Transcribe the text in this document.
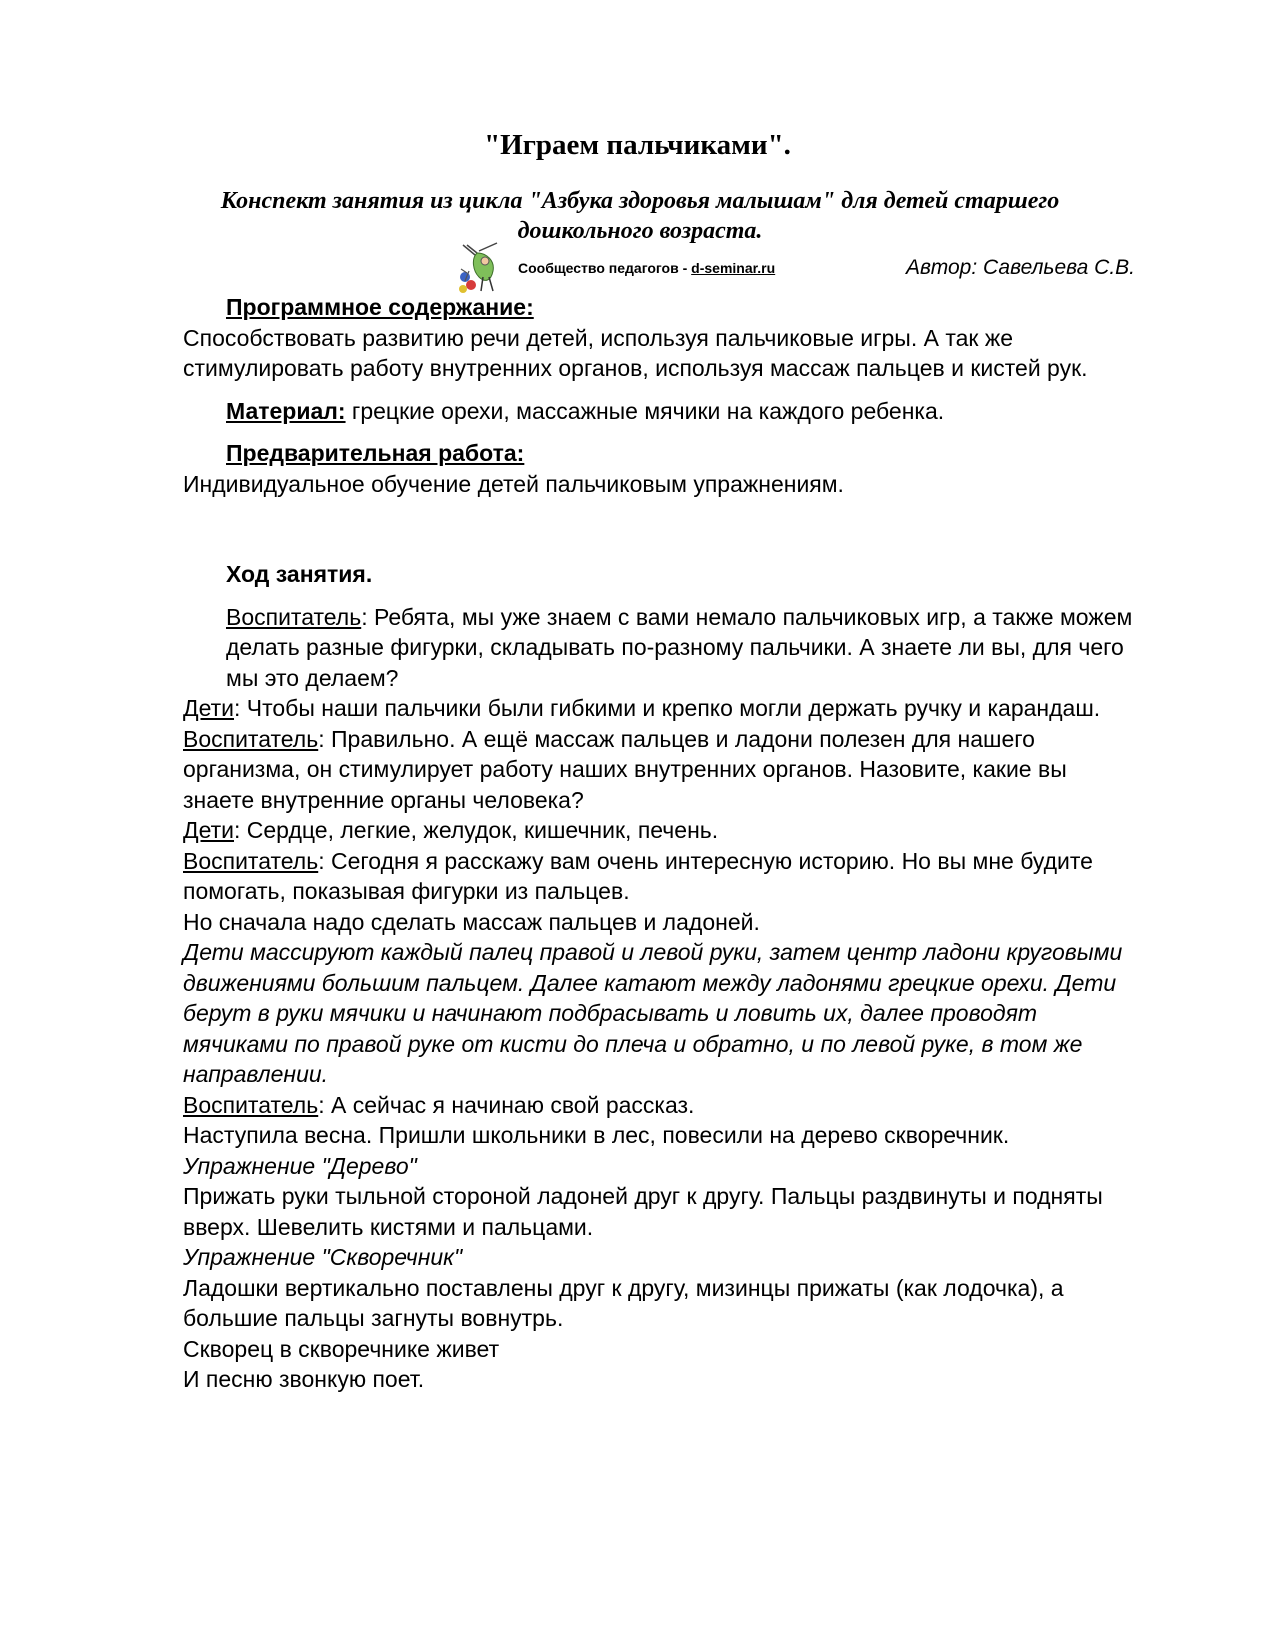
"Играем пальчиками".
Конспект занятия из цикла "Азбука здоровья малышам" для детей старшего дошкольного возраста.
Сообщество педагогов - d-seminar.ru	Автор: Савельева С.В.

Программное содержание:

Способствовать развитию речи детей, используя пальчиковые игры. А так же стимулировать работу внутренних органов, используя массаж пальцев и кистей рук.

Материал: грецкие орехи, массажные мячики на каждого ребенка.

Предварительная работа:

Индивидуальное обучение детей пальчиковым упражнениям.

Ход занятия.

Воспитатель: Ребята, мы уже знаем с вами немало пальчиковых игр, а также можем делать разные фигурки, складывать по-разному пальчики. А знаете ли вы, для чего мы это делаем?

Дети: Чтобы наши пальчики были гибкими и крепко могли держать ручку и карандаш.

Воспитатель: Правильно. А ещё массаж пальцев и ладони полезен для нашего организма, он стимулирует работу наших внутренних органов. Назовите, какие вы знаете внутренние органы человека?

Дети: Сердце, легкие, желудок, кишечник, печень.

Воспитатель: Сегодня я расскажу вам очень интересную историю. Но вы мне будите помогать, показывая фигурки из пальцев.

Но сначала надо сделать массаж пальцев и ладоней.

Дети массируют каждый палец правой и левой руки, затем центр ладони круговыми движениями большим пальцем. Далее катают между ладонями грецкие орехи. Дети берут в руки мячики и начинают подбрасывать и ловить их, далее проводят мячиками по правой руке от кисти до плеча и обратно, и по левой руке, в том же направлении.

Воспитатель: А сейчас я начинаю свой рассказ.

Наступила весна. Пришли школьники в лес, повесили на дерево скворечник.

Упражнение "Дерево"

Прижать руки тыльной стороной ладоней друг к другу. Пальцы раздвинуты и подняты вверх. Шевелить кистями и пальцами.

Упражнение "Скворечник"

Ладошки вертикально поставлены друг к другу, мизинцы прижаты (как лодочка), а большие пальцы загнуты вовнутрь.

Скворец в скворечнике живет

И песню звонкую поет.
